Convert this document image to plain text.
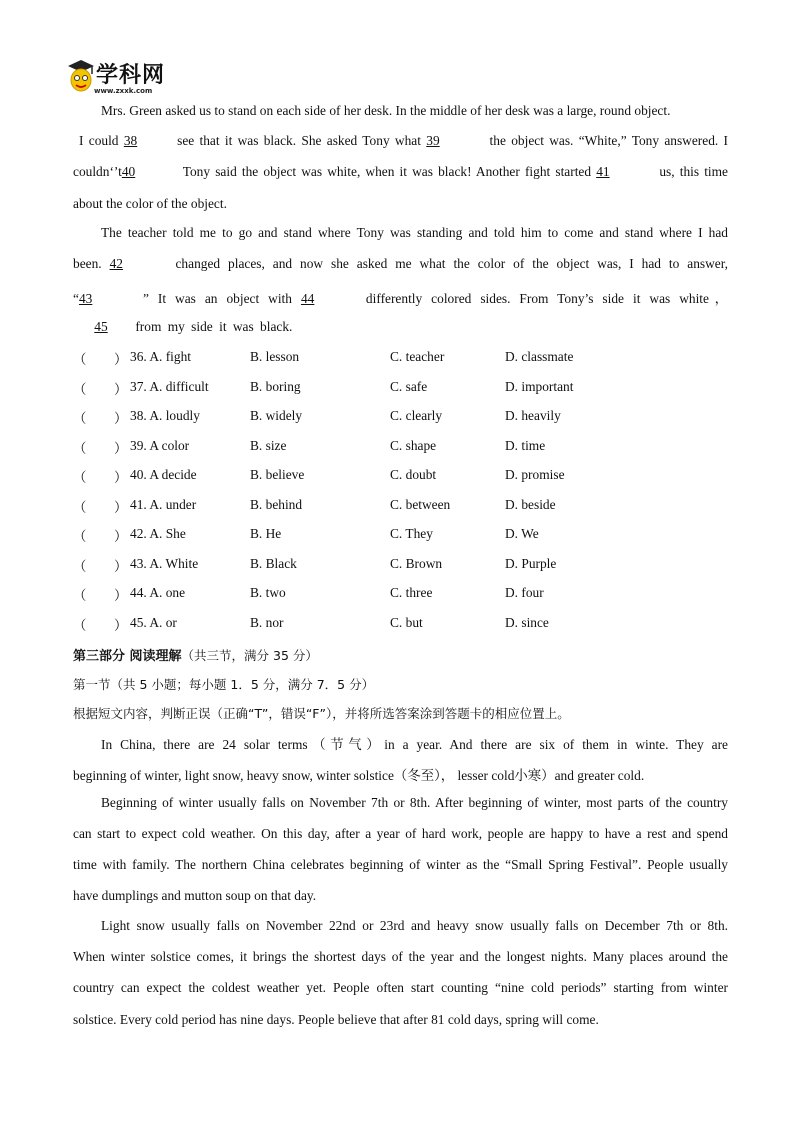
学科网
www.zxxk.com
Mrs. Green asked us to stand on each side of her desk. In the middle of her desk was a large, round object.
I could 38	see that it was black. She asked Tony what 39	the object was. “White,” Tony answered. I
couldn‘’t40	Tony said the object was white, when it was black! Another fight started 41	us, this time
about the color of the object.
The teacher told me to go and stand where Tony was standing and told him to come and stand where I had
been. 42	changed places, and now she asked me what the color of the object was, I had to answer,
“43	” It was an object with 44	differently colored sides. From Tony’s side it was white，
45 from my side it was black.
（ ） 36. A. fight	B. lesson	C. teacher	D. classmate
（ ） 37. A. difficult	B. boring	C. safe	D. important
（ ） 38. A. loudly	B. widely	C. clearly	D. heavily
（ ） 39. A color	B. size	C. shape	D. time
（ ） 40. A decide	B. believe	C. doubt	D. promise
（ ） 41. A. under	B. behind	C. between	D. beside
（ ） 42. A. She	B. He	C. They	D. We
（ ） 43. A. White	B. Black	C. Brown	D. Purple
（ ） 44. A. one	B. two	C. three	D. four
（ ） 45. A. or	B. nor	C. but	D. since
第三部分 阅读理解（共三节，满分 35 分）
第一节（共 5 小题；每小题 1．5 分，满分 7．5 分）
根据短文内容，判断正误（正确“T”，错误“F”），并将所选答案涂到答题卡的相应位置上。
In China, there are 24 solar terms（节气）in a year. And there are six of them in winte. They are
beginning of winter, light snow, heavy snow, winter solstice（冬至）， lesser cold小寒）and greater cold.
Beginning of winter usually falls on November 7th or 8th. After beginning of winter, most parts of the country
can start to expect cold weather. On this day, after a year of hard work, people are happy to have a rest and spend
time with family. The northern China celebrates beginning of winter as the “Small Spring Festival”. People usually
have dumplings and mutton soup on that day.
Light snow usually falls on November 22nd or 23rd and heavy snow usually falls on December 7th or 8th.
When winter solstice comes, it brings the shortest days of the year and the longest nights. Many places around the
country can expect the coldest weather yet. People often start counting “nine cold periods” starting from winter
solstice. Every cold period has nine days. People believe that after 81 cold days, spring will come.
